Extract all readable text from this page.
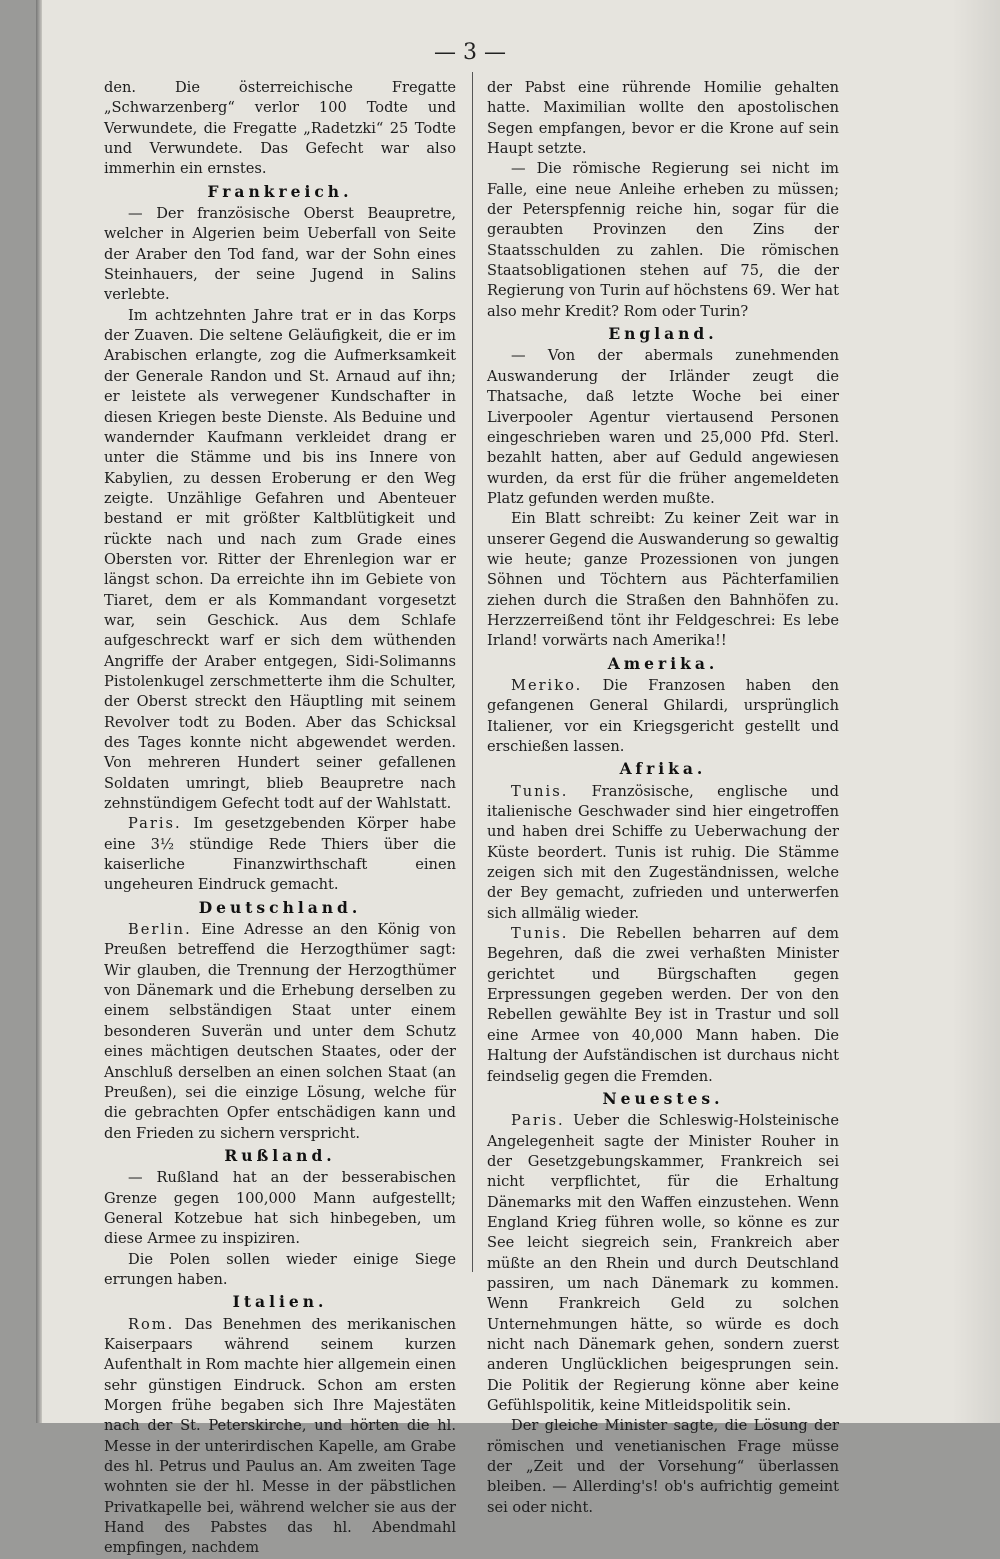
— 3 —

den. Die österreichische Fregatte „Schwarzenberg“ verlor 100 Todte und Verwundete, die Fregatte „Radetzki“ 25 Todte und Verwundete. Das Gefecht war also immerhin ein ernstes.

Frankreich.

— Der französische Oberst Beaupretre, welcher in Algerien beim Ueberfall von Seite der Araber den Tod fand, war der Sohn eines Steinhauers, der seine Jugend in Salins verlebte.

Im achtzehnten Jahre trat er in das Korps der Zuaven. Die seltene Geläufigkeit, die er im Arabischen erlangte, zog die Aufmerksamkeit der Generale Randon und St. Arnaud auf ihn; er leistete als verwegener Kundschafter in diesen Kriegen beste Dienste. Als Beduine und wandernder Kaufmann verkleidet drang er unter die Stämme und bis ins Innere von Kabylien, zu dessen Eroberung er den Weg zeigte. Unzählige Gefahren und Abenteuer bestand er mit größter Kaltblütigkeit und rückte nach und nach zum Grade eines Obersten vor. Ritter der Ehrenlegion war er längst schon. Da erreichte ihn im Gebiete von Tiaret, dem er als Kommandant vorgesetzt war, sein Geschick. Aus dem Schlafe aufgeschreckt warf er sich dem wüthenden Angriffe der Araber entgegen, Sidi-Solimanns Pistolenkugel zerschmetterte ihm die Schulter, der Oberst streckt den Häuptling mit seinem Revolver todt zu Boden. Aber das Schicksal des Tages konnte nicht abgewendet werden. Von mehreren Hundert seiner gefallenen Soldaten umringt, blieb Beaupretre nach zehnstündigem Gefecht todt auf der Wahlstatt.

Paris. Im gesetzgebenden Körper habe eine 3½ stündige Rede Thiers über die kaiserliche Finanzwirthschaft einen ungeheuren Eindruck gemacht.

Deutschland.

Berlin. Eine Adresse an den König von Preußen betreffend die Herzogthümer sagt: Wir glauben, die Trennung der Herzogthümer von Dänemark und die Erhebung derselben zu einem selbständigen Staat unter einem besonderen Suverän und unter dem Schutz eines mächtigen deutschen Staates, oder der Anschluß derselben an einen solchen Staat (an Preußen), sei die einzige Lösung, welche für die gebrachten Opfer entschädigen kann und den Frieden zu sichern verspricht.

Rußland.

— Rußland hat an der besserabischen Grenze gegen 100,000 Mann aufgestellt; General Kotzebue hat sich hinbegeben, um diese Armee zu inspiziren.

Die Polen sollen wieder einige Siege errungen haben.

Italien.

Rom. Das Benehmen des merikanischen Kaiserpaars während seinem kurzen Aufenthalt in Rom machte hier allgemein einen sehr günstigen Eindruck. Schon am ersten Morgen frühe begaben sich Ihre Majestäten nach der St. Peterskirche, und hörten die hl. Messe in der unterirdischen Kapelle, am Grabe des hl. Petrus und Paulus an. Am zweiten Tage wohnten sie der hl. Messe in der päbstlichen Privatkapelle bei, während welcher sie aus der Hand des Pabstes das hl. Abendmahl empfingen, nachdem

der Pabst eine rührende Homilie gehalten hatte. Maximilian wollte den apostolischen Segen empfangen, bevor er die Krone auf sein Haupt setzte.

— Die römische Regierung sei nicht im Falle, eine neue Anleihe erheben zu müssen; der Peterspfennig reiche hin, sogar für die geraubten Provinzen den Zins der Staatsschulden zu zahlen. Die römischen Staatsobligationen stehen auf 75, die der Regierung von Turin auf höchstens 69. Wer hat also mehr Kredit? Rom oder Turin?

England.

— Von der abermals zunehmenden Auswanderung der Irländer zeugt die Thatsache, daß letzte Woche bei einer Liverpooler Agentur viertausend Personen eingeschrieben waren und 25,000 Pfd. Sterl. bezahlt hatten, aber auf Geduld angewiesen wurden, da erst für die früher angemeldeten Platz gefunden werden mußte.

Ein Blatt schreibt: Zu keiner Zeit war in unserer Gegend die Auswanderung so gewaltig wie heute; ganze Prozessionen von jungen Söhnen und Töchtern aus Pächterfamilien ziehen durch die Straßen den Bahnhöfen zu. Herzzerreißend tönt ihr Feldgeschrei: Es lebe Irland! vorwärts nach Amerika!!

Amerika.

Meriko. Die Franzosen haben den gefangenen General Ghilardi, ursprünglich Italiener, vor ein Kriegsgericht gestellt und erschießen lassen.

Afrika.

Tunis. Französische, englische und italienische Geschwader sind hier eingetroffen und haben drei Schiffe zu Ueberwachung der Küste beordert. Tunis ist ruhig. Die Stämme zeigen sich mit den Zugeständnissen, welche der Bey gemacht, zufrieden und unterwerfen sich allmälig wieder.

Tunis. Die Rebellen beharren auf dem Begehren, daß die zwei verhaßten Minister gerichtet und Bürgschaften gegen Erpressungen gegeben werden. Der von den Rebellen gewählte Bey ist in Trastur und soll eine Armee von 40,000 Mann haben. Die Haltung der Aufständischen ist durchaus nicht feindselig gegen die Fremden.

Neuestes.

Paris. Ueber die Schleswig-Holsteinische Angelegenheit sagte der Minister Rouher in der Gesetzgebungskammer, Frankreich sei nicht verpflichtet, für die Erhaltung Dänemarks mit den Waffen einzustehen. Wenn England Krieg führen wolle, so könne es zur See leicht siegreich sein, Frankreich aber müßte an den Rhein und durch Deutschland passiren, um nach Dänemark zu kommen. Wenn Frankreich Geld zu solchen Unternehmungen hätte, so würde es doch nicht nach Dänemark gehen, sondern zuerst anderen Unglücklichen beigesprungen sein. Die Politik der Regierung könne aber keine Gefühlspolitik, keine Mitleidspolitik sein.

Der gleiche Minister sagte, die Lösung der römischen und venetianischen Frage müsse der „Zeit und der Vorsehung“ überlassen bleiben. — Allerding's! ob's aufrichtig gemeint sei oder nicht.
